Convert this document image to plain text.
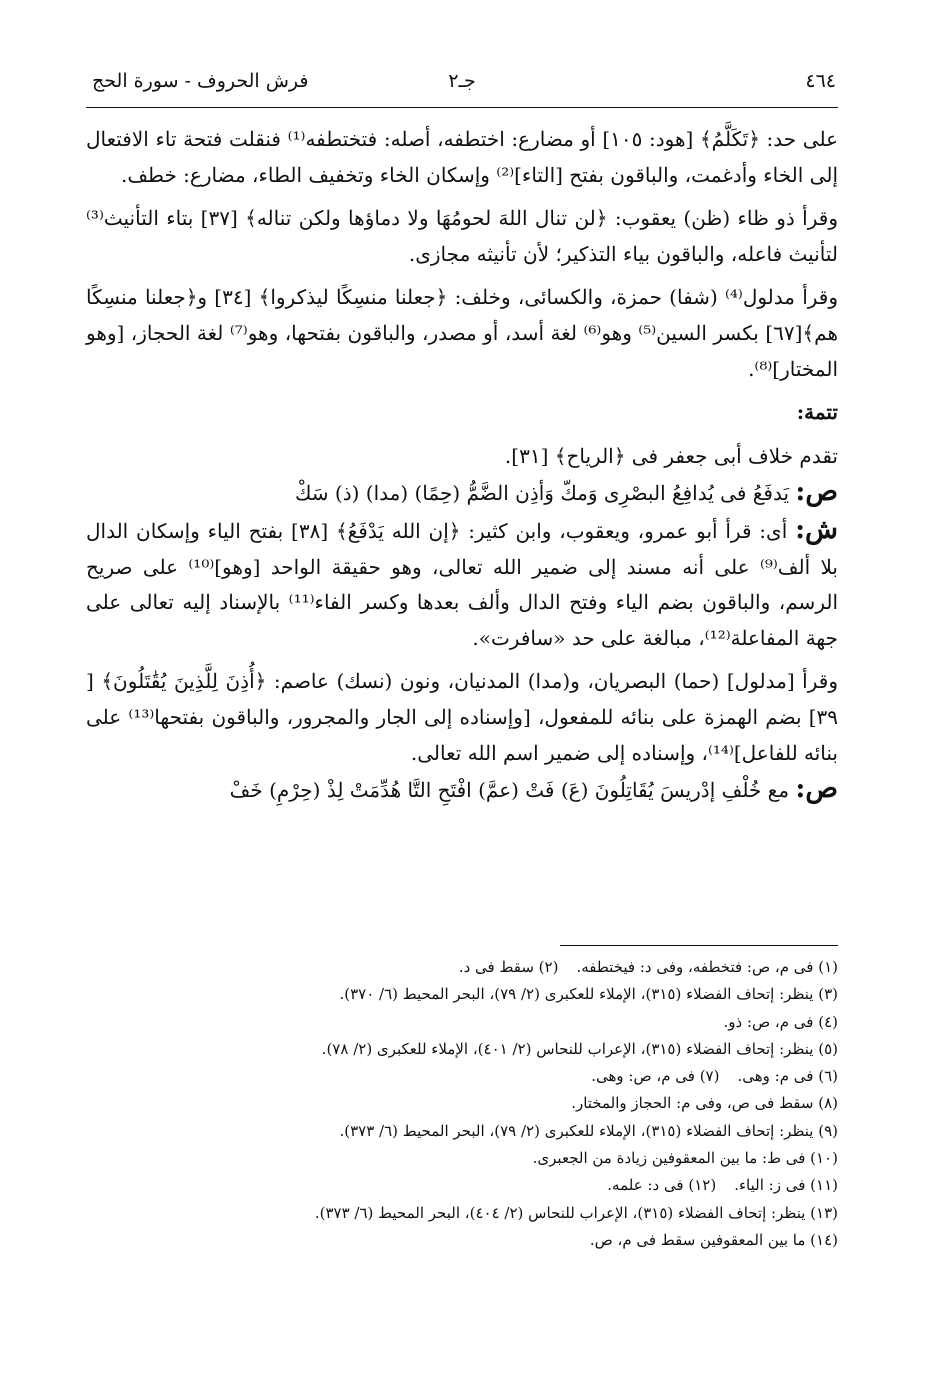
٤٦٤
جـ٢
فرش الحروف - سورة الحج

على حد: ﴿تَكَلَّمُ﴾ [هود: ١٠٥] أو مضارع: اختطفه، أصله: فتختطفه⁽¹⁾ فنقلت فتحة تاء الافتعال إلى الخاء وأدغمت، والباقون بفتح [التاء]⁽²⁾ وإسكان الخاء وتخفيف الطاء، مضارع: خطف.

وقرأ ذو ظاء (ظن) يعقوب: ﴿لن تنال اللهَ لحومُهَا ولا دماؤها ولكن تناله﴾ [٣٧] بتاء التأنيث⁽³⁾ لتأنيث فاعله، والباقون بياء التذكير؛ لأن تأنيثه مجازى.

وقرأ مدلول⁽⁴⁾ (شفا) حمزة، والكسائى، وخلف: ﴿جعلنا منسِكًا ليذكروا﴾ [٣٤] و﴿جعلنا منسِكًا هم﴾[٦٧] بكسر السين⁽⁵⁾ وهو⁽⁶⁾ لغة أسد، أو مصدر، والباقون بفتحها، وهو⁽⁷⁾ لغة الحجاز، [وهو المختار]⁽⁸⁾.

تتمة:

تقدم خلاف أبى جعفر فى ﴿الرياح﴾ [٣١].

ص: يَدفَعُ فى يُدافِعُ البصْرِى وَمكّ وَأذِن الضَّمُّ (حِمًا) (مدا) (ذ) سَكْ

ش: أى: قرأ أبو عمرو، ويعقوب، وابن كثير: ﴿إن الله يَدْفَعُ﴾ [٣٨] بفتح الياء وإسكان الدال بلا ألف⁽⁹⁾ على أنه مسند إلى ضمير الله تعالى، وهو حقيقة الواحد [وهو]⁽¹⁰⁾ على صريح الرسم، والباقون بضم الياء وفتح الدال وألف بعدها وكسر الفاء⁽¹¹⁾ بالإسناد إليه تعالى على جهة المفاعلة⁽¹²⁾، مبالغة على حد «سافرت».

وقرأ [مدلول] (حما) البصريان، و(مدا) المدنيان، ونون (نسك) عاصم: ﴿أُذِنَ لِلَّذِينَ يُقَٰتَلُونَ﴾ [ ٣٩] بضم الهمزة على بنائه للمفعول، [وإسناده إلى الجار والمجرور، والباقون بفتحها⁽¹³⁾ على بنائه للفاعل]⁽¹⁴⁾، وإسناده إلى ضمير اسم الله تعالى.

ص: مع خُلْفِ إدْريسَ يُقَاتِلُونَ (عَ) فَتْ (عمَّ) افْتَحِ التَّا هُدِّمَتْ لِذْ (حِرْمِ) خَفْ

(١) فى م، ص: فتخطفه، وفى د: فيختطفه.(٢) سقط فى د.
(٣) ينظر: إتحاف الفضلاء (٣١٥)، الإملاء للعكبرى (٢/ ٧٩)، البحر المحيط (٦/ ٣٧٠).
(٤) فى م، ص: ذو.
(٥) ينظر: إتحاف الفضلاء (٣١٥)، الإعراب للنحاس (٢/ ٤٠١)، الإملاء للعكبرى (٢/ ٧٨).
(٦) فى م: وهى.(٧) فى م، ص: وهى.
(٨) سقط فى ص، وفى م: الحجاز والمختار.
(٩) ينظر: إتحاف الفضلاء (٣١٥)، الإملاء للعكبرى (٢/ ٧٩)، البحر المحيط (٦/ ٣٧٣).
(١٠) فى ط: ما بين المعقوفين زيادة من الجعبرى.
(١١) فى ز: الياء.(١٢) فى د: علمه.
(١٣) ينظر: إتحاف الفضلاء (٣١٥)، الإعراب للنحاس (٢/ ٤٠٤)، البحر المحيط (٦/ ٣٧٣).
(١٤) ما بين المعقوفين سقط فى م، ص.
